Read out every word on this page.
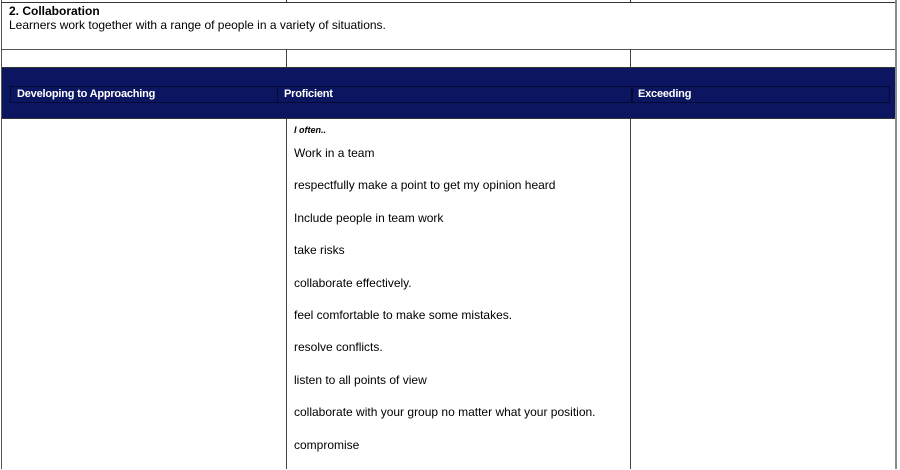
2. Collaboration
Learners work together with a range of people in a variety of situations.
Developing to Approaching	Proficient	Exceeding
I often..
Work in a team
respectfully make a point to get my opinion heard
Include people in team work
take risks
collaborate effectively.
feel comfortable to make some mistakes.
resolve conflicts.
listen to all points of view
collaborate with your group no matter what your position.
compromise
